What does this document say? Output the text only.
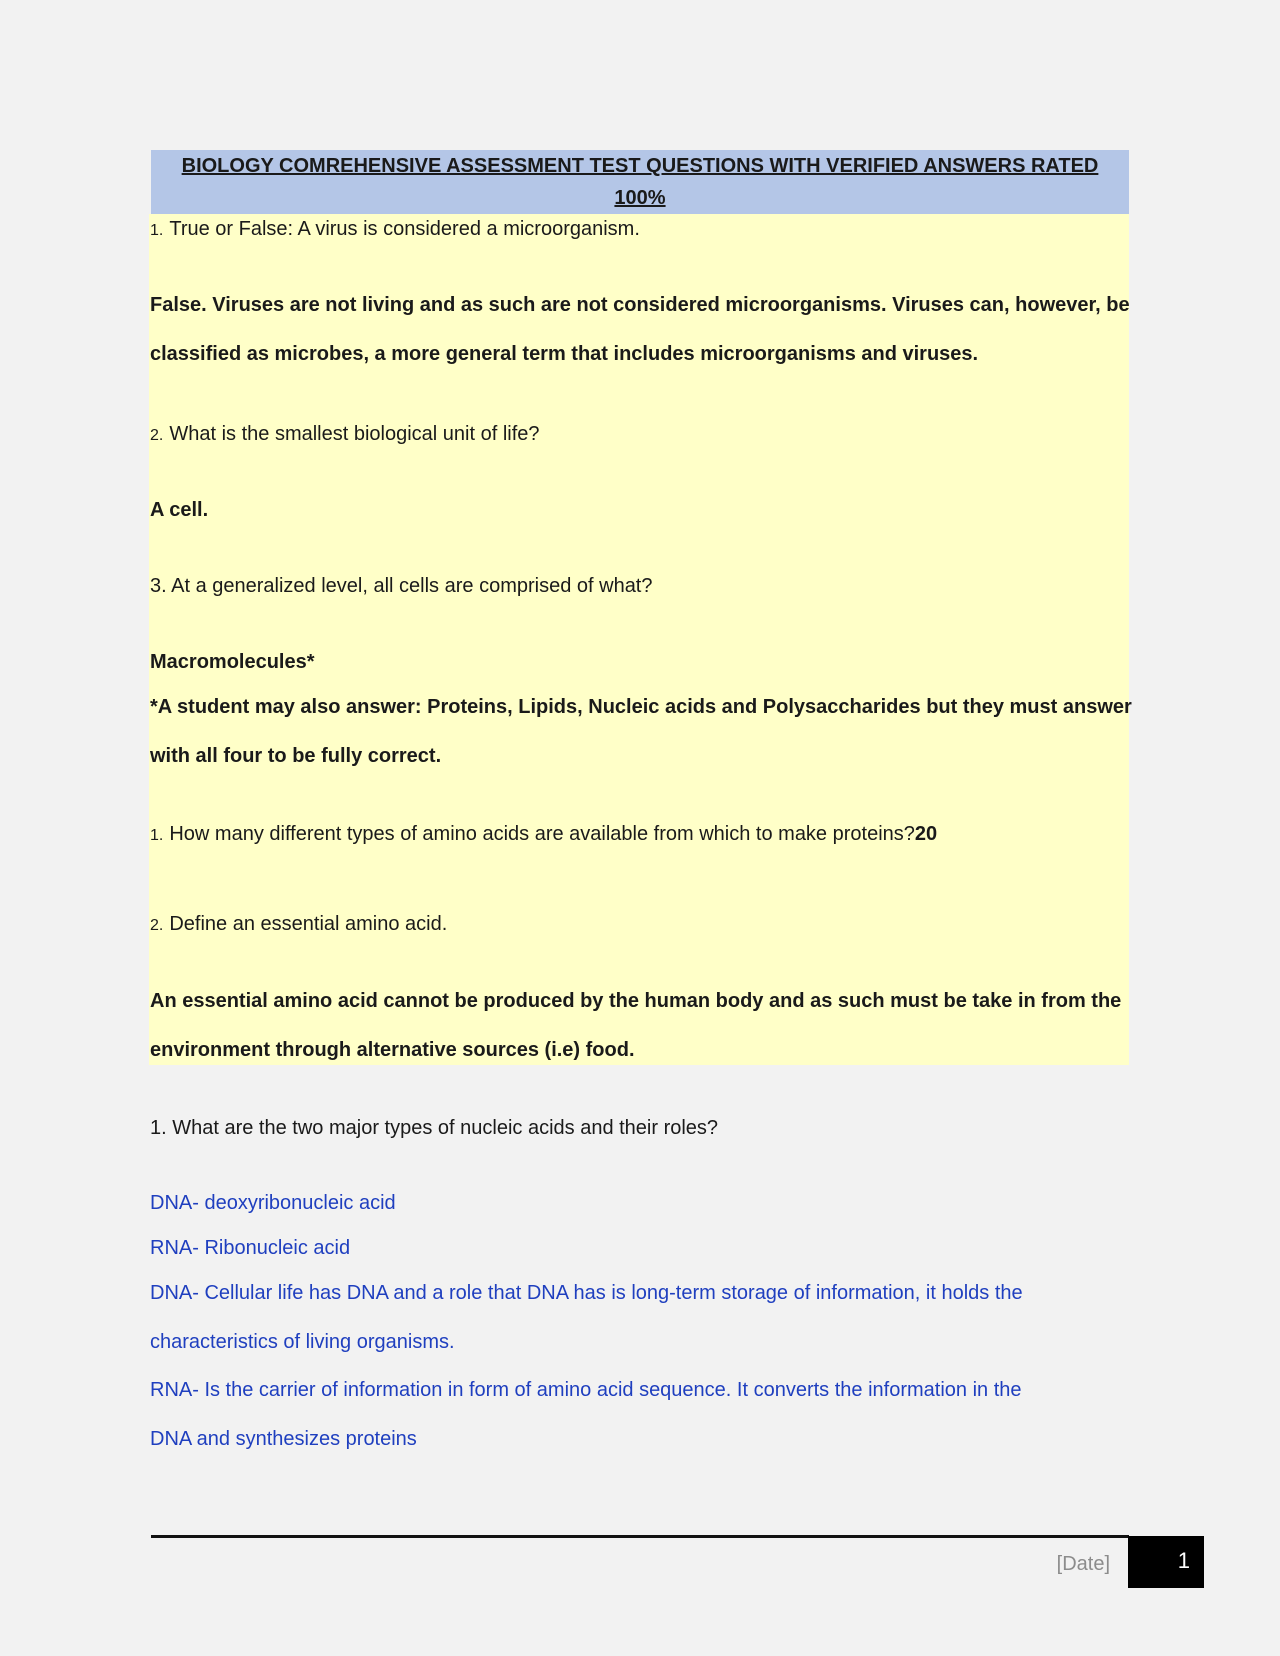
BIOLOGY COMREHENSIVE ASSESSMENT TEST QUESTIONS WITH VERIFIED ANSWERS RATED
100%
1. True or False: A virus is considered a microorganism.
False. Viruses are not living and as such are not considered microorganisms. Viruses can, however, be
classified as microbes, a more general term that includes microorganisms and viruses.
2. What is the smallest biological unit of life?
A cell.
3. At a generalized level, all cells are comprised of what?
Macromolecules*
*A student may also answer: Proteins, Lipids, Nucleic acids and Polysaccharides but they must answer
with all four to be fully correct.
1. How many different types of amino acids are available from which to make proteins?20
2. Define an essential amino acid.
An essential amino acid cannot be produced by the human body and as such must be take in from the
environment through alternative sources (i.e) food.
1. What are the two major types of nucleic acids and their roles?
DNA- deoxyribonucleic acid
RNA- Ribonucleic acid
DNA- Cellular life has DNA and a role that DNA has is long-term storage of information, it holds the
characteristics of living organisms.
RNA- Is the carrier of information in form of amino acid sequence. It converts the information in the
DNA and synthesizes proteins
[Date]	1
